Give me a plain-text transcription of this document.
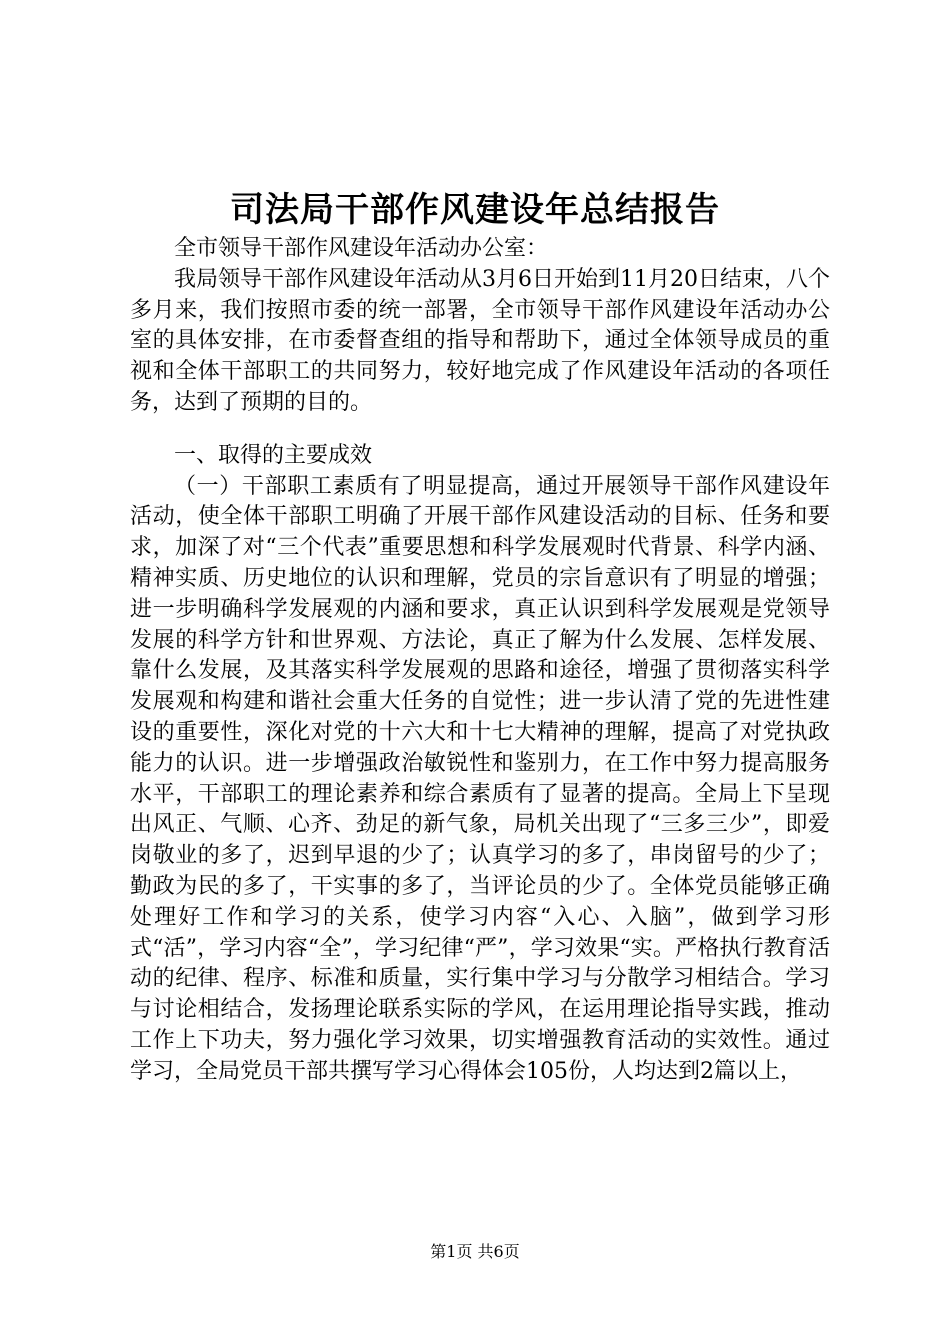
司法局干部作风建设年总结报告

全市领导干部作风建设年活动办公室：

我局领导干部作风建设年活动从3月6日开始到11月20日结束，八个多月来，我们按照市委的统一部署，全市领导干部作风建设年活动办公室的具体安排，在市委督查组的指导和帮助下，通过全体领导成员的重视和全体干部职工的共同努力，较好地完成了作风建设年活动的各项任务，达到了预期的目的。

一、取得的主要成效

（一）干部职工素质有了明显提高，通过开展领导干部作风建设年活动，使全体干部职工明确了开展干部作风建设活动的目标、任务和要求，加深了对“三个代表”重要思想和科学发展观时代背景、科学内涵、精神实质、历史地位的认识和理解，党员的宗旨意识有了明显的增强；进一步明确科学发展观的内涵和要求，真正认识到科学发展观是党领导发展的科学方针和世界观、方法论，真正了解为什么发展、怎样发展、靠什么发展，及其落实科学发展观的思路和途径，增强了贯彻落实科学发展观和构建和谐社会重大任务的自觉性；进一步认清了党的先进性建设的重要性，深化对党的十六大和十七大精神的理解，提高了对党执政能力的认识。进一步增强政治敏锐性和鉴别力，在工作中努力提高服务水平，干部职工的理论素养和综合素质有了显著的提高。全局上下呈现出风正、气顺、心齐、劲足的新气象，局机关出现了“三多三少”，即爱岗敬业的多了，迟到早退的少了；认真学习的多了，串岗留号的少了；勤政为民的多了，干实事的多了，当评论员的少了。全体党员能够正确处理好工作和学习的关系，使学习内容“入心、入脑”，做到学习形式“活”，学习内容“全”，学习纪律“严”，学习效果“实。严格执行教育活动的纪律、程序、标准和质量，实行集中学习与分散学习相结合。学习与讨论相结合，发扬理论联系实际的学风，在运用理论指导实践，推动工作上下功夫，努力强化学习效果，切实增强教育活动的实效性。通过学习，全局党员干部共撰写学习心得体会105份，人均达到2篇以上，

第1页 共6页
